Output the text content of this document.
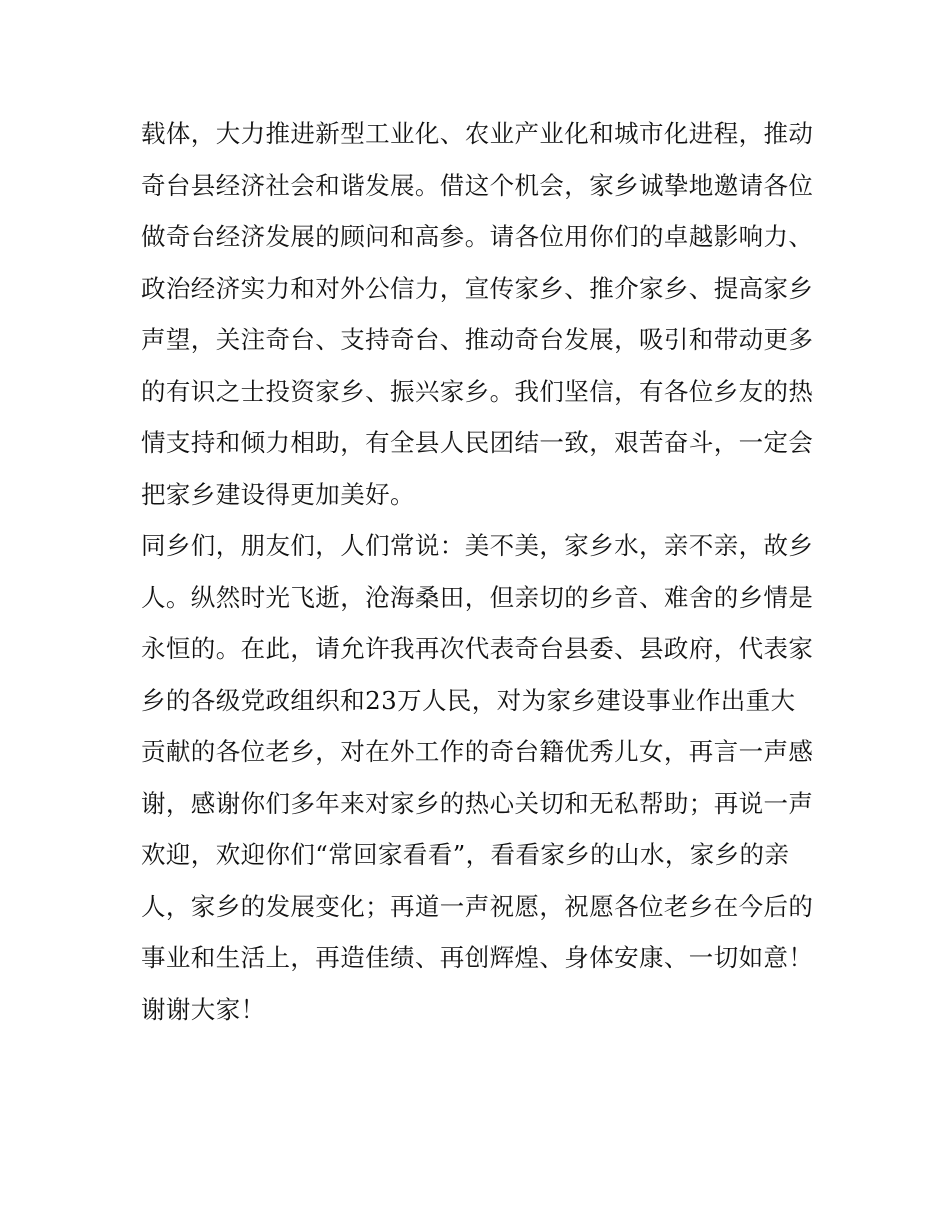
载体，大力推进新型工业化、农业产业化和城市化进程，推动
奇台县经济社会和谐发展。借这个机会，家乡诚挚地邀请各位
做奇台经济发展的顾问和高参。请各位用你们的卓越影响力、
政治经济实力和对外公信力，宣传家乡、推介家乡、提高家乡
声望，关注奇台、支持奇台、推动奇台发展，吸引和带动更多
的有识之士投资家乡、振兴家乡。我们坚信，有各位乡友的热
情支持和倾力相助，有全县人民团结一致，艰苦奋斗，一定会
把家乡建设得更加美好。
同乡们，朋友们，人们常说：美不美，家乡水，亲不亲，故乡
人。纵然时光飞逝，沧海桑田，但亲切的乡音、难舍的乡情是
永恒的。在此，请允许我再次代表奇台县委、县政府，代表家
乡的各级党政组织和23万人民，对为家乡建设事业作出重大
贡献的各位老乡，对在外工作的奇台籍优秀儿女，再言一声感
谢，感谢你们多年来对家乡的热心关切和无私帮助；再说一声
欢迎，欢迎你们“常回家看看”，看看家乡的山水，家乡的亲
人，家乡的发展变化；再道一声祝愿，祝愿各位老乡在今后的
事业和生活上，再造佳绩、再创辉煌、身体安康、一切如意！
谢谢大家！
